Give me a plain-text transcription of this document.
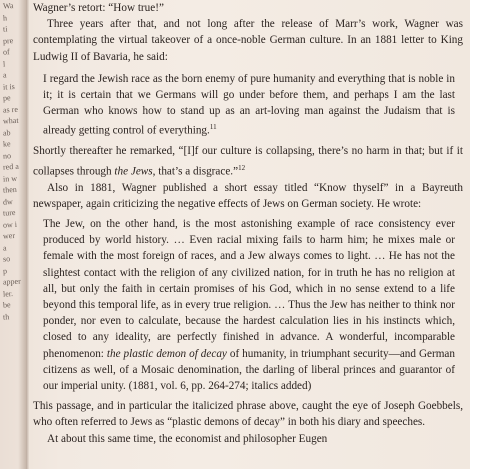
Wa
h
ti
pre
of
l
a
it is
pe
as re
what
ab
ke
no
red a
in w
then
dw
ture
ow i
wer
a
so
p
apper
ler.
be
th

Wagner’s retort: “How true!”

Three years after that, and not long after the release of Marr’s work, Wagner was contemplating the virtual takeover of a once-noble German culture. In an 1881 letter to King Ludwig II of Bavaria, he said:

I regard the Jewish race as the born enemy of pure humanity and everything that is noble in it; it is certain that we Germans will go under before them, and perhaps I am the last German who knows how to stand up as an art-loving man against the Judaism that is already getting control of everything.$^{11}$

Shortly thereafter he remarked, “[I]f our culture is collapsing, there’s no harm in that; but if it collapses through the Jews, that’s a disgrace.”$^{12}$

Also in 1881, Wagner published a short essay titled “Know thyself” in a Bayreuth newspaper, again criticizing the negative effects of Jews on German society. He wrote:

The Jew, on the other hand, is the most astonishing example of race consistency ever produced by world history. … Even racial mixing fails to harm him; he mixes male or female with the most foreign of races, and a Jew always comes to light. … He has not the slightest contact with the religion of any civilized nation, for in truth he has no religion at all, but only the faith in certain promises of his God, which in no sense extend to a life beyond this temporal life, as in every true religion. … Thus the Jew has neither to think nor ponder, nor even to calculate, because the hardest calculation lies in his instincts which, closed to any ideality, are perfectly finished in advance. A wonderful, incomparable phenomenon: the plastic demon of decay of humanity, in triumphant security—and German citizens as well, of a Mosaic denomination, the darling of liberal princes and guarantor of our imperial unity. (1881, vol. 6, pp. 264-274; italics added)

This passage, and in particular the italicized phrase above, caught the eye of Joseph Goebbels, who often referred to Jews as “plastic demons of decay” in both his diary and speeches.

At about this same time, the economist and philosopher Eugen
